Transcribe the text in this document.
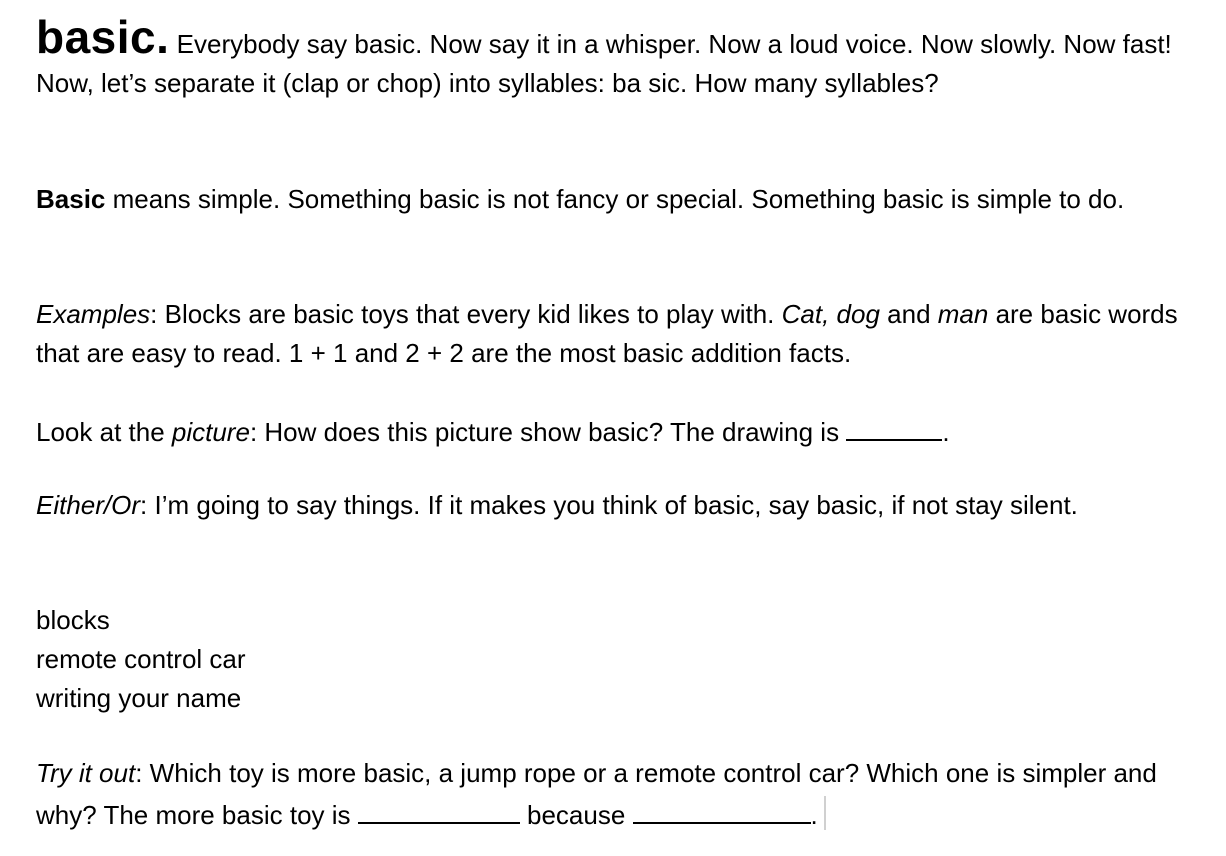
basic. Everybody say basic. Now say it in a whisper. Now a loud voice. Now slowly. Now fast! Now, let’s separate it (clap or chop) into syllables: ba sic. How many syllables?

Basic means simple. Something basic is not fancy or special. Something basic is simple to do.

Examples: Blocks are basic toys that every kid likes to play with. Cat, dog and man are basic words that are easy to read. 1 + 1 and 2 + 2 are the most basic addition facts.

Look at the picture: How does this picture show basic? The drawing is	.

Either/Or: I’m going to say things. If it makes you think of basic, say basic, if not stay silent.

blocks
remote control car
writing your name

Try it out: Which toy is more basic, a jump rope or a remote control car? Which one is simpler and why? The more basic toy is	because	.
